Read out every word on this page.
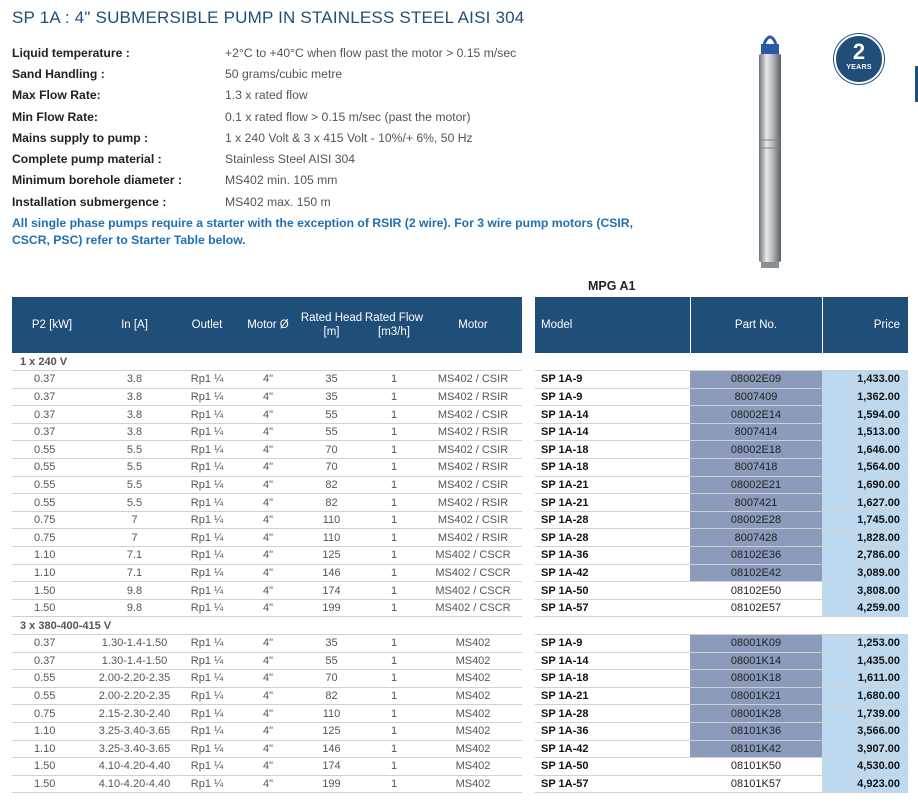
SP 1A : 4" SUBMERSIBLE PUMP IN STAINLESS STEEL AISI 304
Liquid temperature :	+2°C to +40°C when flow past the motor > 0.15 m/sec
Sand Handling :	50 grams/cubic metre
Max Flow Rate:	1.3 x rated flow
Min Flow Rate:	0.1 x rated flow > 0.15 m/sec (past the motor)
Mains supply to pump :	1 x 240 Volt & 3 x 415 Volt - 10%/+ 6%, 50 Hz
Complete pump material :	Stainless Steel AISI 304
Minimum borehole diameter :	MS402 min. 105 mm
Installation submergence :	MS402 max. 150 m
All single phase pumps require a starter with the exception of RSIR (2 wire). For 3 wire pump motors (CSIR, CSCR, PSC) refer to Starter Table below.
2
YEARS
MPG A1
P2 [kW]	In [A]	Outlet	Motor Ø	Rated Head [m]	Rated Flow [m3/h]	Motor
1 x 240 V						
0.37	3.8	Rp1 ¼	4"	35	1	MS402 / CSIR
0.37	3.8	Rp1 ¼	4"	35	1	MS402 / RSIR
0.37	3.8	Rp1 ¼	4"	55	1	MS402 / CSIR
0.37	3.8	Rp1 ¼	4"	55	1	MS402 / RSIR
0.55	5.5	Rp1 ¼	4"	70	1	MS402 / CSIR
0.55	5.5	Rp1 ¼	4"	70	1	MS402 / RSIR
0.55	5.5	Rp1 ¼	4"	82	1	MS402 / CSIR
0.55	5.5	Rp1 ¼	4"	82	1	MS402 / RSIR
0.75	7	Rp1 ¼	4"	110	1	MS402 / CSIR
0.75	7	Rp1 ¼	4"	110	1	MS402 / RSIR
1.10	7.1	Rp1 ¼	4"	125	1	MS402 / CSCR
1.10	7.1	Rp1 ¼	4"	146	1	MS402 / CSCR
1.50	9.8	Rp1 ¼	4"	174	1	MS402 / CSCR
1.50	9.8	Rp1 ¼	4"	199	1	MS402 / CSCR
3 x 380-400-415 V						
0.37	1.30-1.4-1.50	Rp1 ¼	4"	35	1	MS402
0.37	1.30-1.4-1.50	Rp1 ¼	4"	55	1	MS402
0.55	2.00-2.20-2.35	Rp1 ¼	4"	70	1	MS402
0.55	2.00-2.20-2.35	Rp1 ¼	4"	82	1	MS402
0.75	2.15-2.30-2.40	Rp1 ¼	4"	110	1	MS402
1.10	3.25-3.40-3.65	Rp1 ¼	4"	125	1	MS402
1.10	3.25-3.40-3.65	Rp1 ¼	4"	146	1	MS402
1.50	4.10-4.20-4.40	Rp1 ¼	4"	174	1	MS402
1.50	4.10-4.20-4.40	Rp1 ¼	4"	199	1	MS402
Model	Part No.	Price

SP 1A-9	08002E09	1,433.00
SP 1A-9	8007409	1,362.00
SP 1A-14	08002E14	1,594.00
SP 1A-14	8007414	1,513.00
SP 1A-18	08002E18	1,646.00
SP 1A-18	8007418	1,564.00
SP 1A-21	08002E21	1,690.00
SP 1A-21	8007421	1,627.00
SP 1A-28	08002E28	1,745.00
SP 1A-28	8007428	1,828.00
SP 1A-36	08102E36	2,786.00
SP 1A-42	08102E42	3,089.00
SP 1A-50	08102E50	3,808.00
SP 1A-57	08102E57	4,259.00

SP 1A-9	08001K09	1,253.00
SP 1A-14	08001K14	1,435.00
SP 1A-18	08001K18	1,611.00
SP 1A-21	08001K21	1,680.00
SP 1A-28	08001K28	1,739.00
SP 1A-36	08101K36	3,566.00
SP 1A-42	08101K42	3,907.00
SP 1A-50	08101K50	4,530.00
SP 1A-57	08101K57	4,923.00
